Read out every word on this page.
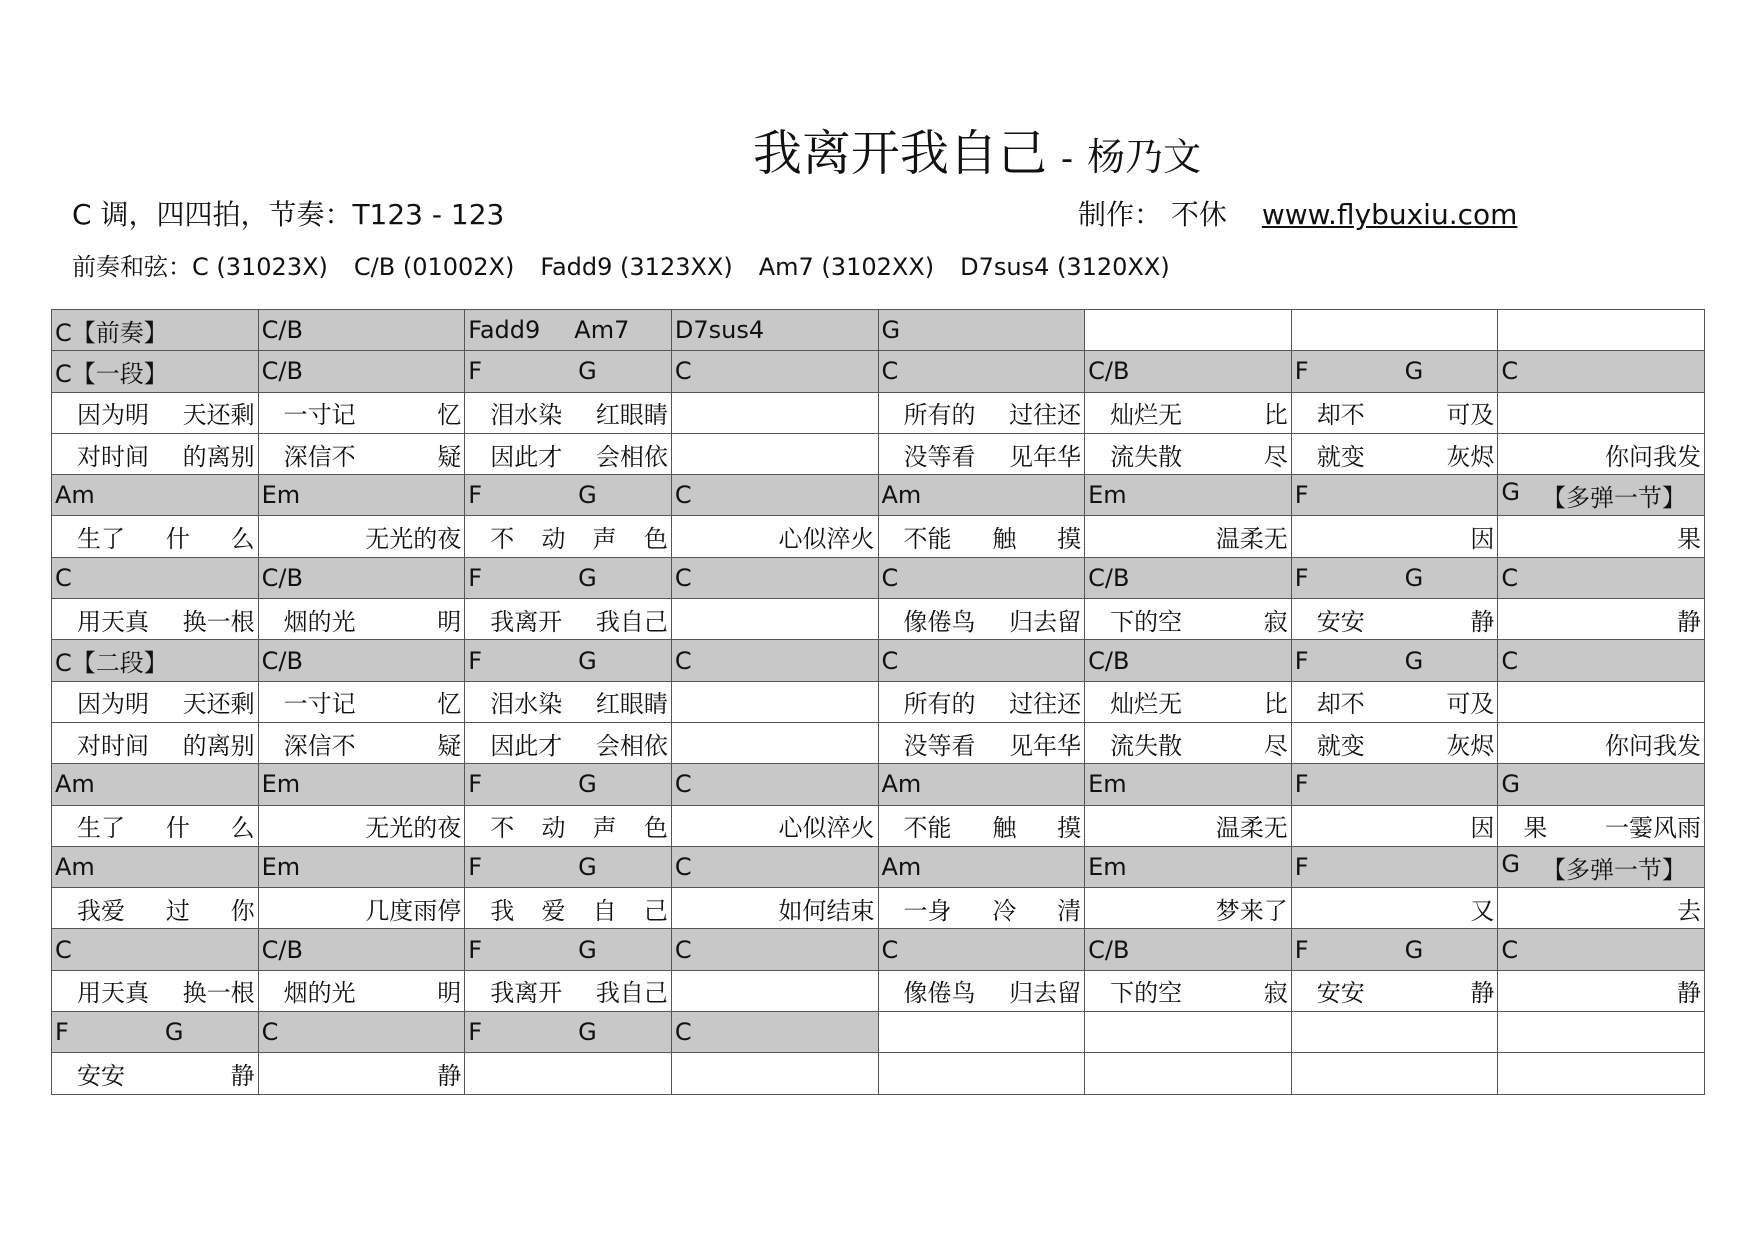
我离开我自己 - 杨乃文
C 调，四四拍，节奏：T123 - 123	制作： 不休 www.flybuxiu.com
前奏和弦：C (31023X) C/B (01002X) Fadd9 (3123XX) Am7 (3102XX) D7sus4 (3120XX)
C【前奏】	C/B	Fadd9 Am7	D7sus4	G			
C【一段】	C/B	F G	C	C	C/B	F G	C

因为明 天还剩	一寸记 忆	泪水染 红眼睛		所有的 过往还	灿烂无 比	却不 可及	

对时间 的离别	深信不 疑	因此才 会相依		没等看 见年华	流失散 尽	就变 灰烬	你问我发
Am	Em	F G	C	Am	Em	F	G 【多弹一节】

生了 什 么	无光的夜	不 动 声 色	心似淬火	不能 触 摸	温柔无	因	果
C	C/B	F G	C	C	C/B	F G	C

用天真 换一根	烟的光 明	我离开 我自己		像倦鸟 归去留	下的空 寂	安安 静	静
C【二段】	C/B	F G	C	C	C/B	F G	C

因为明 天还剩	一寸记 忆	泪水染 红眼睛		所有的 过往还	灿烂无 比	却不 可及	

对时间 的离别	深信不 疑	因此才 会相依		没等看 见年华	流失散 尽	就变 灰烬	你问我发
Am	Em	F G	C	Am	Em	F	G

生了 什 么	无光的夜	不 动 声 色	心似淬火	不能 触 摸	温柔无	因	果 一霎风雨

Am	Em	F G	C	Am	Em	F	G 【多弹一节】

我爱 过 你	几度雨停	我 爱 自 己	如何结束	一身 冷 清	梦来了	又	去
C	C/B	F G	C	C	C/B	F G	C

用天真 换一根	烟的光 明	我离开 我自己		像倦鸟 归去留	下的空 寂	安安 静	静

F G	C	F G	C				

安安 静	静						
